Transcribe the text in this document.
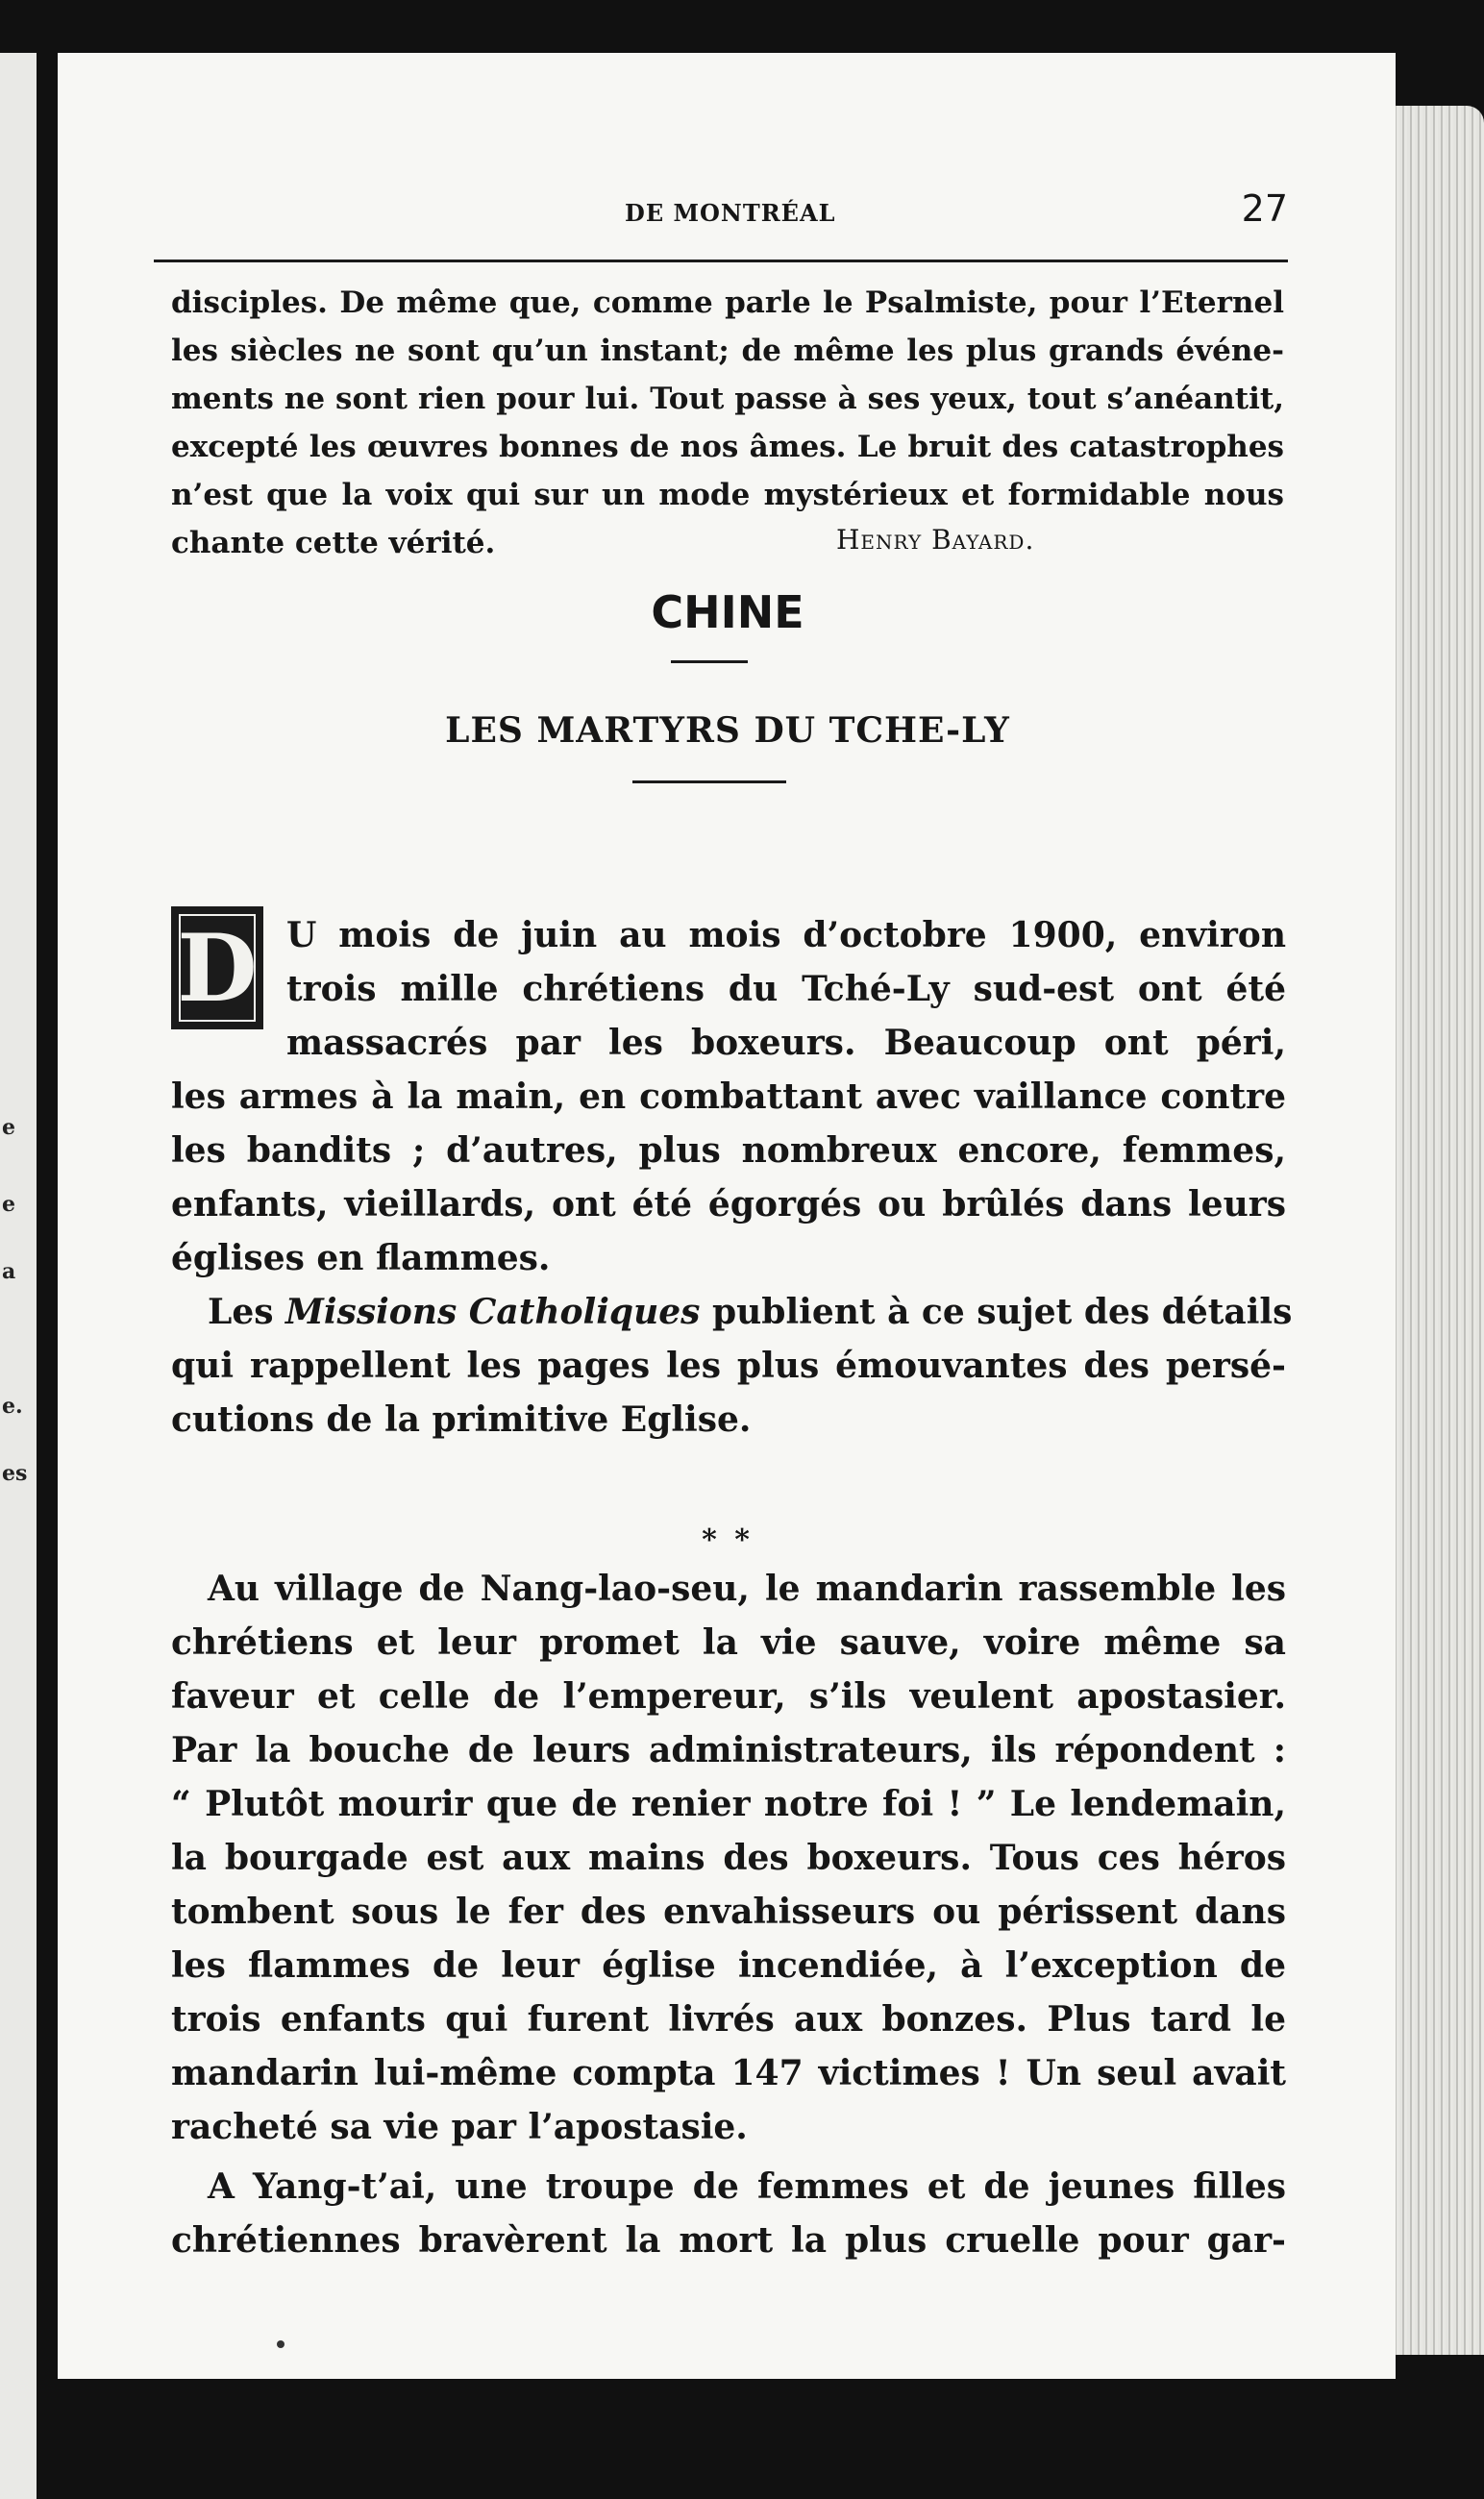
e
e
a
e.
es
DE MONTRÉAL	27
disciples. De même que, comme parle le Psalmiste, pour l’Eternel
les siècles ne sont qu’un instant; de même les plus grands événe-
ments ne sont rien pour lui. Tout passe à ses yeux, tout s’anéantit,
excepté les œuvres bonnes de nos âmes. Le bruit des catastrophes
n’est que la voix qui sur un mode mystérieux et formidable nous
chante cette vérité.	Henry Bayard.
CHINE
LES MARTYRS DU TCHE-LY
D U mois de juin au mois d’octobre 1900, environ
trois mille chrétiens du Tché-Ly sud-est ont été
massacrés par les boxeurs. Beaucoup ont péri,
les armes à la main, en combattant avec vaillance contre
les bandits ; d’autres, plus nombreux encore, femmes,
enfants, vieillards, ont été égorgés ou brûlés dans leurs
églises en flammes.
Les Missions Catholiques publient à ce sujet des détails
qui rappellent les pages les plus émouvantes des persé-
cutions de la primitive Eglise.
* *
Au village de Nang-lao-seu, le mandarin rassemble les
chrétiens et leur promet la vie sauve, voire même sa
faveur et celle de l’empereur, s’ils veulent apostasier.
Par la bouche de leurs administrateurs, ils répondent :
“ Plutôt mourir que de renier notre foi ! ” Le lendemain,
la bourgade est aux mains des boxeurs. Tous ces héros
tombent sous le fer des envahisseurs ou périssent dans
les flammes de leur église incendiée, à l’exception de
trois enfants qui furent livrés aux bonzes. Plus tard le
mandarin lui-même compta 147 victimes ! Un seul avait
racheté sa vie par l’apostasie.
A Yang-t’ai, une troupe de femmes et de jeunes filles
chrétiennes bravèrent la mort la plus cruelle pour gar-
